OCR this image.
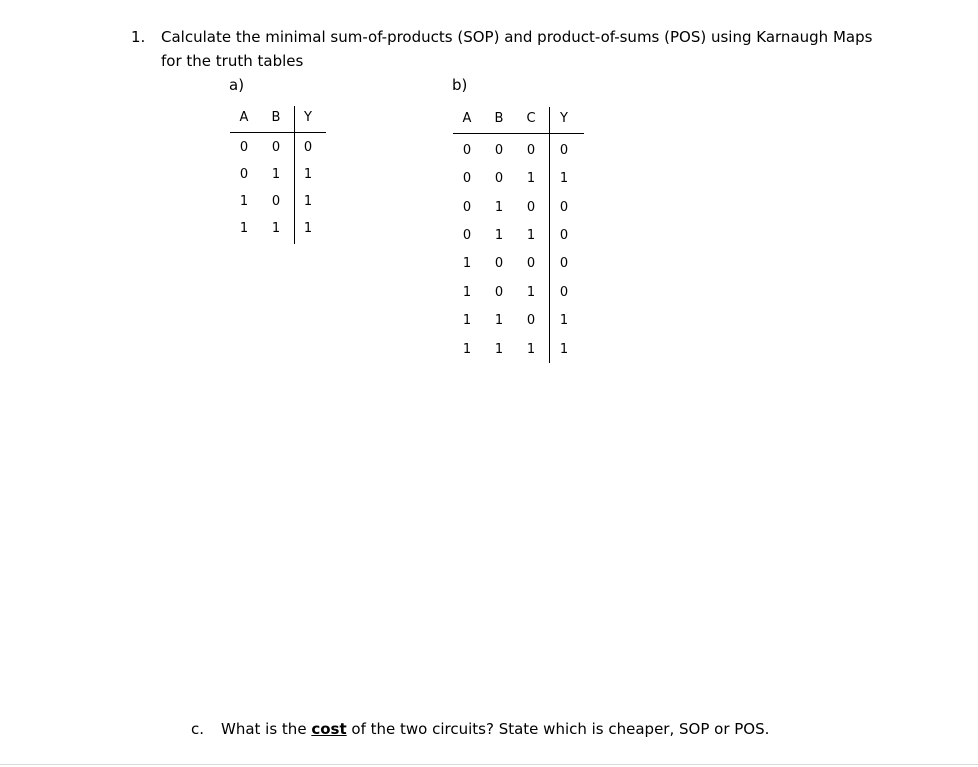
1. Calculate the minimal sum-of-products (SOP) and product-of-sums (POS) using Karnaugh Maps
for the truth tables
a)	b)
A	B	Y
0	0	0
0	1	1
1	0	1
1	1	1
A	B	C	Y
0	0	0	0
0	0	1	1
0	1	0	0
0	1	1	0
1	0	0	0
1	0	1	0
1	1	0	1
1	1	1	1
c. What is the cost of the two circuits? State which is cheaper, SOP or POS.
